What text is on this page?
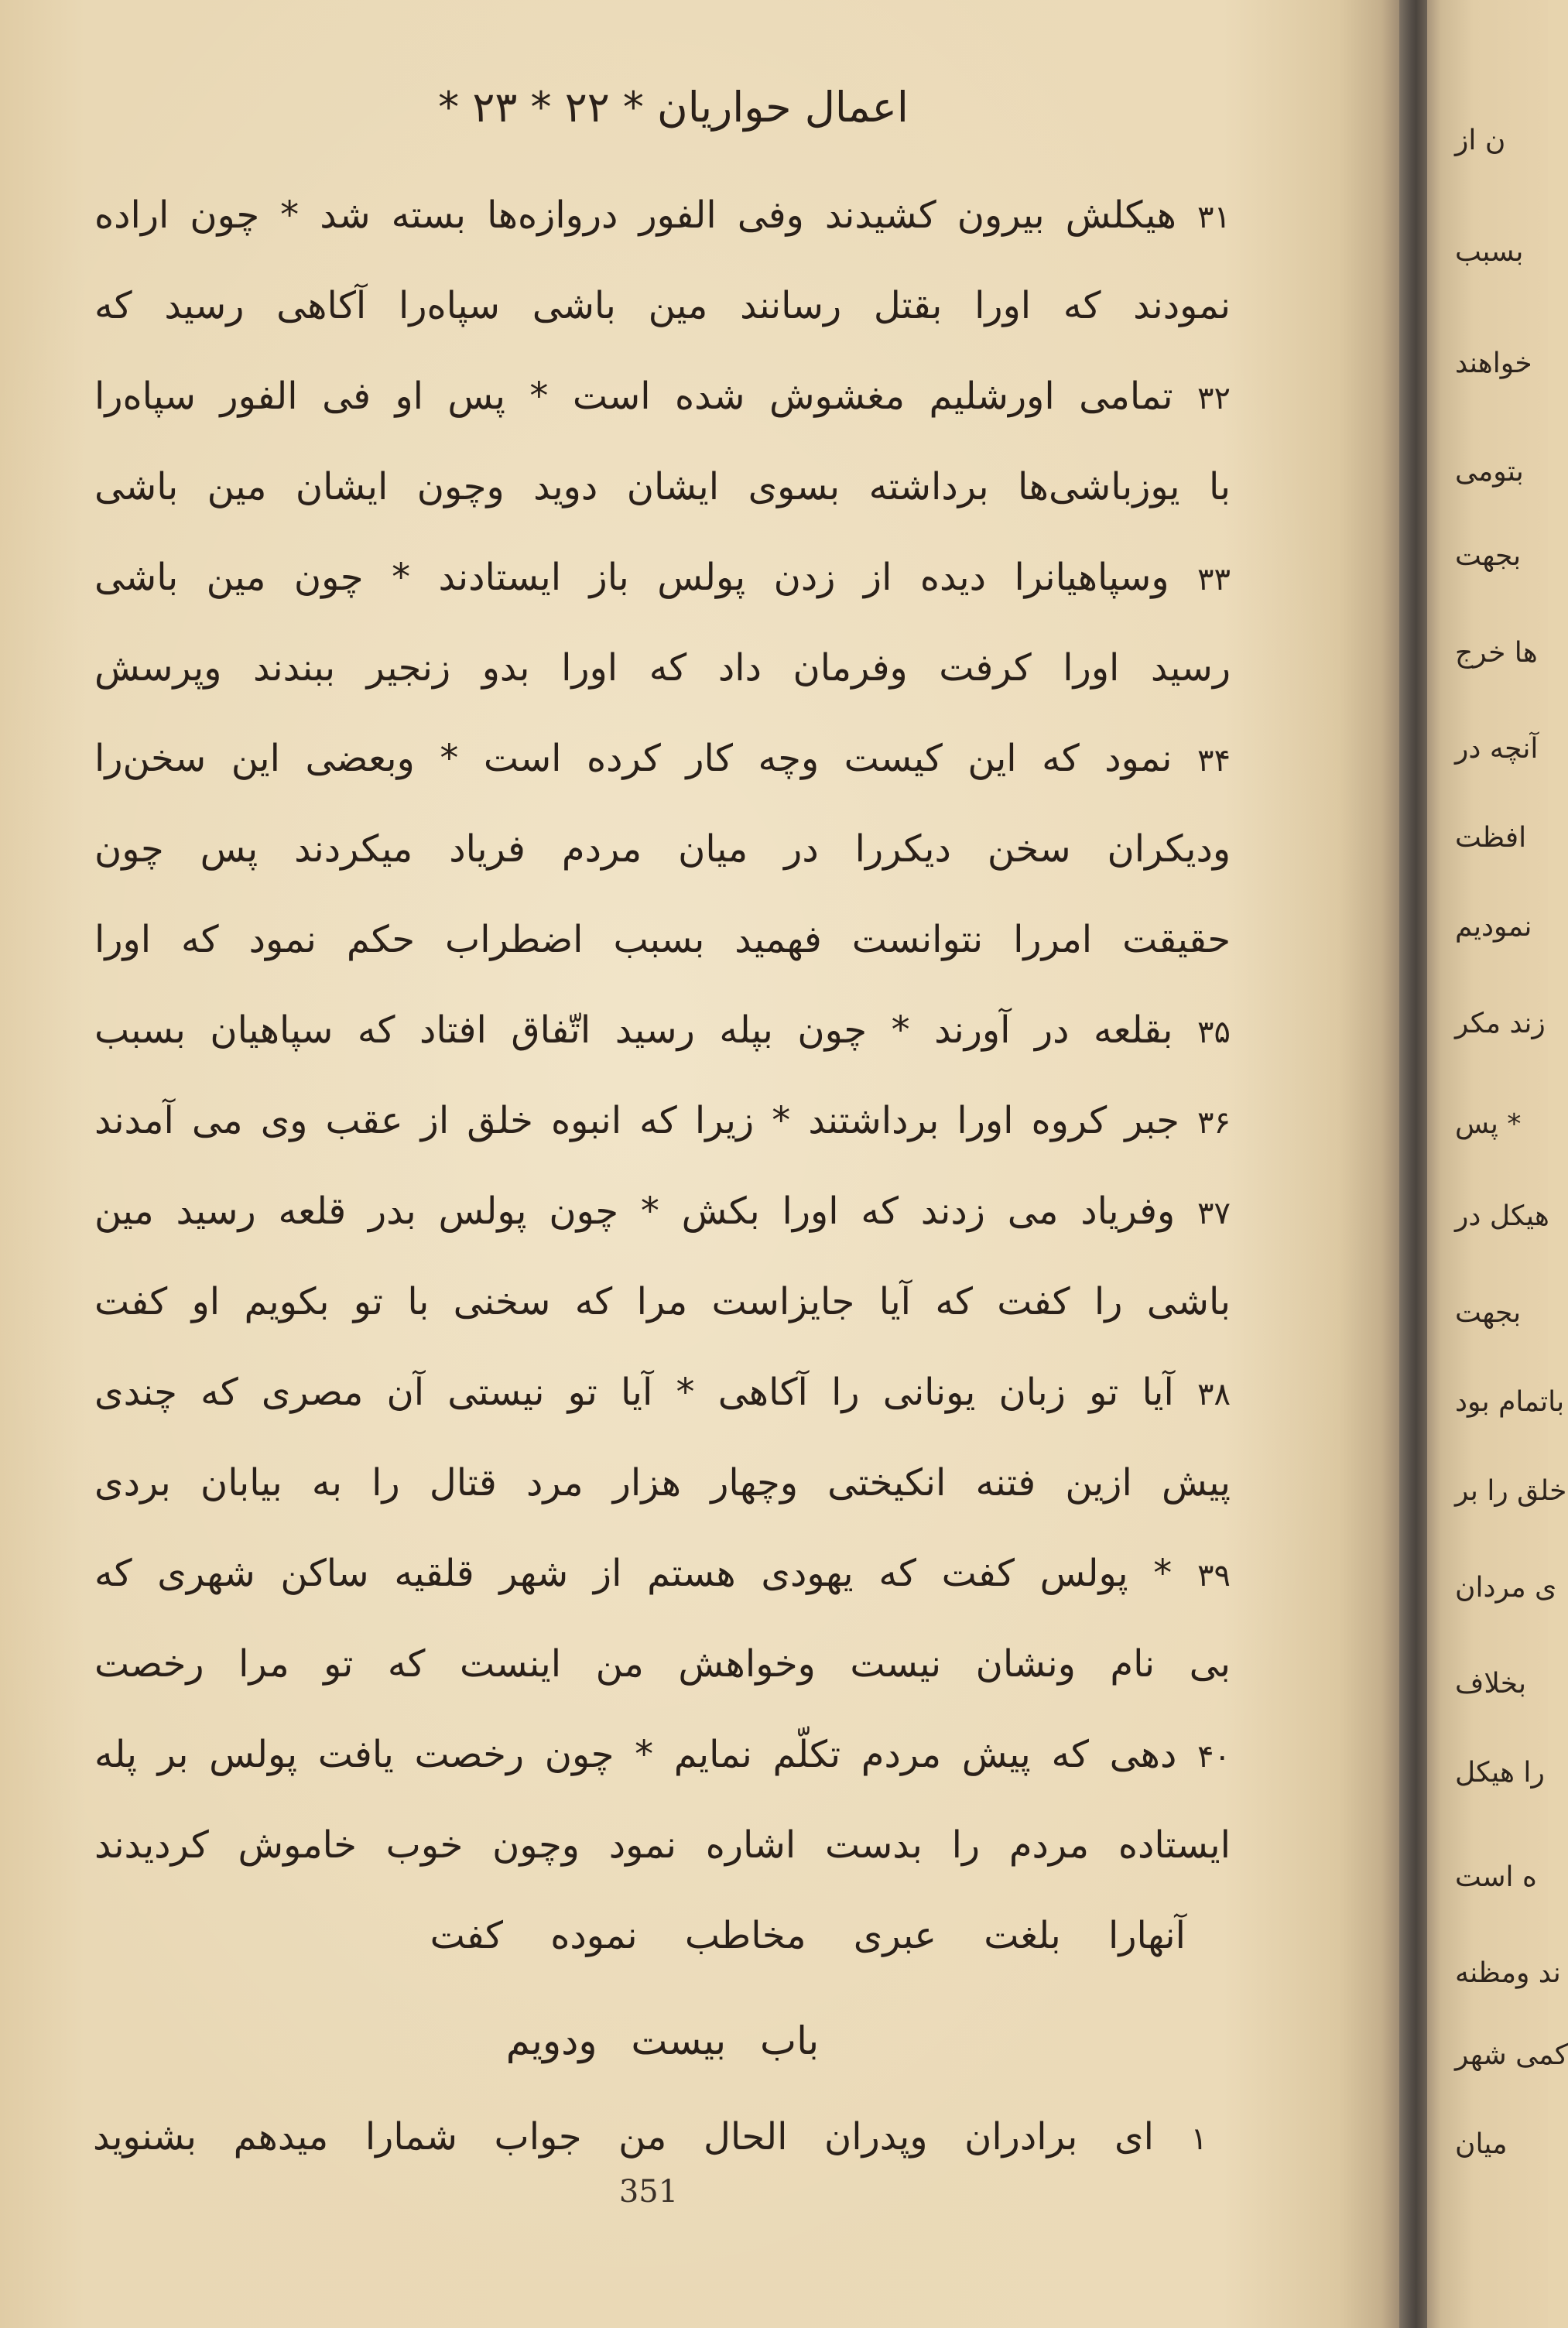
اعمال حواریان * ۲۲ * ۲۳ *
۳۱ هیکلش بیرون کشیدند وفی الفور دروازه‌ها بسته شد * چون اراده
نمودند که اورا بقتل رسانند مین باشی سپاه‌را آکاهی رسید که
۳۲ تمامی اورشلیم مغشوش شده است * پس او فی الفور سپاه‌را
با یوزباشی‌ها برداشته بسوی ایشان دوید وچون ایشان مین باشی
۳۳ وسپاهیانرا دیده از زدن پولس باز ایستادند * چون مین باشی
رسید اورا کرفت وفرمان داد که اورا بدو زنجیر ببندند وپرسش
۳۴ نمود که این کیست وچه کار کرده است * وبعضی این سخن‌را
ودیکران سخن دیکررا در میان مردم فریاد میکردند پس چون
حقیقت امررا نتوانست فهمید بسبب اضطراب حکم نمود که اورا
۳۵ بقلعه در آورند * چون بپله رسید اتّفاق افتاد که سپاهیان بسبب
۳۶ جبر کروه اورا برداشتند * زیرا که انبوه خلق از عقب وی می آمدند
۳۷ وفریاد می زدند که اورا بکش * چون پولس بدر قلعه رسید مین
باشی را کفت که آیا جایزاست مرا که سخنی با تو بکویم او کفت
۳۸ آیا تو زبان یونانی را آکاهی * آیا تو نیستی آن مصری که چندی
پیش ازین فتنه انکیختی وچهار هزار مرد قتال را به بیابان بردی
۳۹ * پولس کفت که یهودی هستم از شهر قلقیه ساکن شهری که
بی نام ونشان نیست وخواهش من اینست که تو مرا رخصت
۴۰ دهی که پیش مردم تکلّم نمایم * چون رخصت یافت پولس بر پله
ایستاده مردم را بدست اشاره نمود وچون خوب خاموش کردیدند
آنهارا بلغت عبری مخاطب نموده کفت
باب بیست ودویم
۱ ای برادران وپدران الحال من جواب شمارا میدهم بشنوید
351
ن از
بسبب
خواهند
بتومی
بجهت
ها خرج
آنچه در
افظت
نمودیم
زند مکر
* پس
هیکل در
بجهت
باتمام بود
خلق را بر
ی مردان
بخلاف
را هیکل
ه است
ند ومظنه
کمی شهر
میان
